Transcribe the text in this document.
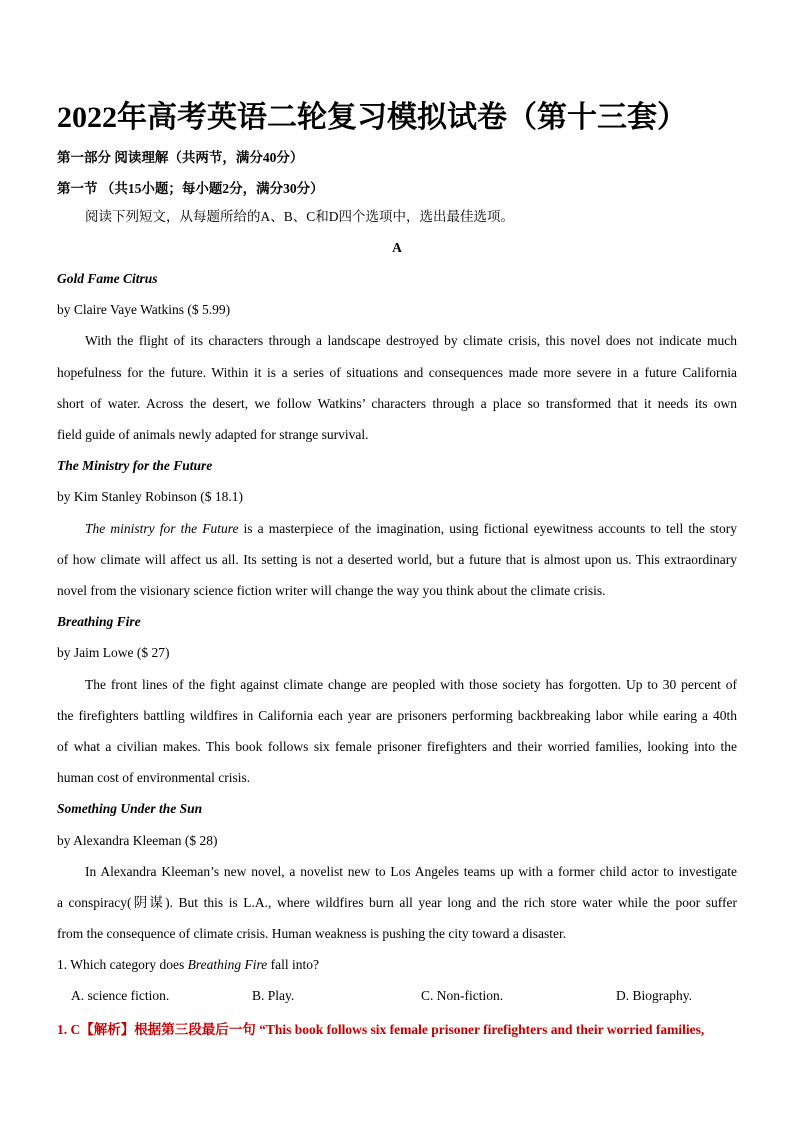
2022年高考英语二轮复习模拟试卷（第十三套）
第一部分 阅读理解（共两节，满分40分）
第一节 （共15小题；每小题2分，满分30分）
阅读下列短文，从每题所给的A、B、C和D四个选项中，选出最佳选项。
A
Gold Fame Citrus
by Claire Vaye Watkins ($ 5.99)
With the flight of its characters through a landscape destroyed by climate crisis, this novel does not indicate much
hopefulness for the future. Within it is a series of situations and consequences made more severe in a future California
short of water. Across the desert, we follow Watkins’ characters through a place so transformed that it needs its own
field guide of animals newly adapted for strange survival.
The Ministry for the Future
by Kim Stanley Robinson ($ 18.1)
The ministry for the Future is a masterpiece of the imagination, using fictional eyewitness accounts to tell the story
of how climate will affect us all. Its setting is not a deserted world, but a future that is almost upon us. This extraordinary
novel from the visionary science fiction writer will change the way you think about the climate crisis.
Breathing Fire
by Jaim Lowe ($ 27)
The front lines of the fight against climate change are peopled with those society has forgotten. Up to 30 percent of
the firefighters battling wildfires in California each year are prisoners performing backbreaking labor while earing a 40th
of what a civilian makes. This book follows six female prisoner firefighters and their worried families, looking into the
human cost of environmental crisis.
Something Under the Sun
by Alexandra Kleeman ($ 28)
In Alexandra Kleeman’s new novel, a novelist new to Los Angeles teams up with a former child actor to investigate
a conspiracy(阴谋). But this is L.A., where wildfires burn all year long and the rich store water while the poor suffer
from the consequence of climate crisis. Human weakness is pushing the city toward a disaster.
1. Which category does Breathing Fire fall into?
A. science fiction.	B. Play.	C. Non-fiction.	D. Biography.
1. C【解析】根据第三段最后一句 “This book follows six female prisoner firefighters and their worried families,
